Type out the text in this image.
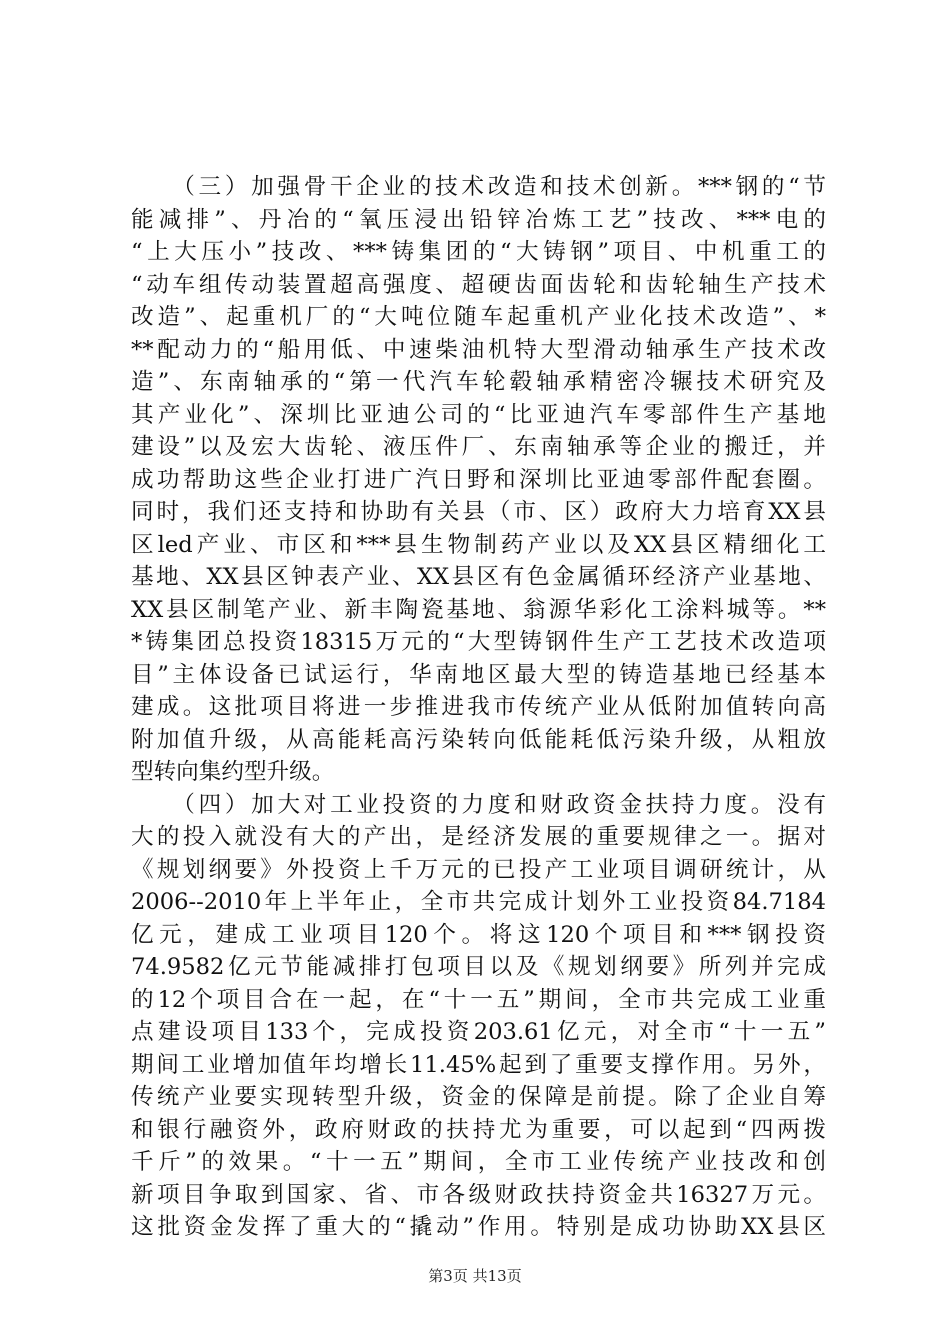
　　（三）加强骨干企业的技术改造和技术创新。***钢的“节
能减排”、丹冶的“氧压浸出铅锌冶炼工艺”技改、***电的
“上大压小”技改、***铸集团的“大铸钢”项目、中机重工的
“动车组传动装置超高强度、超硬齿面齿轮和齿轮轴生产技术
改造”、起重机厂的“大吨位随车起重机产业化技术改造”、*
**配动力的“船用低、中速柴油机特大型滑动轴承生产技术改
造”、东南轴承的“第一代汽车轮毂轴承精密冷辗技术研究及
其产业化”、深圳比亚迪公司的“比亚迪汽车零部件生产基地
建设”以及宏大齿轮、液压件厂、东南轴承等企业的搬迁，并
成功帮助这些企业打进广汽日野和深圳比亚迪零部件配套圈。
同时，我们还支持和协助有关县（市、区）政府大力培育XX县
区led产业、市区和***县生物制药产业以及XX县区精细化工
基地、XX县区钟表产业、XX县区有色金属循环经济产业基地、
XX县区制笔产业、新丰陶瓷基地、翁源华彩化工涂料城等。**
*铸集团总投资18315万元的“大型铸钢件生产工艺技术改造项
目”主体设备已试运行，华南地区最大型的铸造基地已经基本
建成。这批项目将进一步推进我市传统产业从低附加值转向高
附加值升级，从高能耗高污染转向低能耗低污染升级，从粗放
型转向集约型升级。
　　（四）加大对工业投资的力度和财政资金扶持力度。没有
大的投入就没有大的产出，是经济发展的重要规律之一。据对
《规划纲要》外投资上千万元的已投产工业项目调研统计，从
2006--2010年上半年止，全市共完成计划外工业投资84.7184
亿元，建成工业项目120个。将这120个项目和***钢投资
74.9582亿元节能减排打包项目以及《规划纲要》所列并完成
的12个项目合在一起，在“十一五”期间，全市共完成工业重
点建设项目133个，完成投资203.61亿元，对全市“十一五”
期间工业增加值年均增长11.45%起到了重要支撑作用。另外，
传统产业要实现转型升级，资金的保障是前提。除了企业自筹
和银行融资外，政府财政的扶持尤为重要，可以起到“四两拨
千斤”的效果。“十一五”期间，全市工业传统产业技改和创
新项目争取到国家、省、市各级财政扶持资金共16327万元。
这批资金发挥了重大的“撬动”作用。特别是成功协助XX县区
第3页 共13页
